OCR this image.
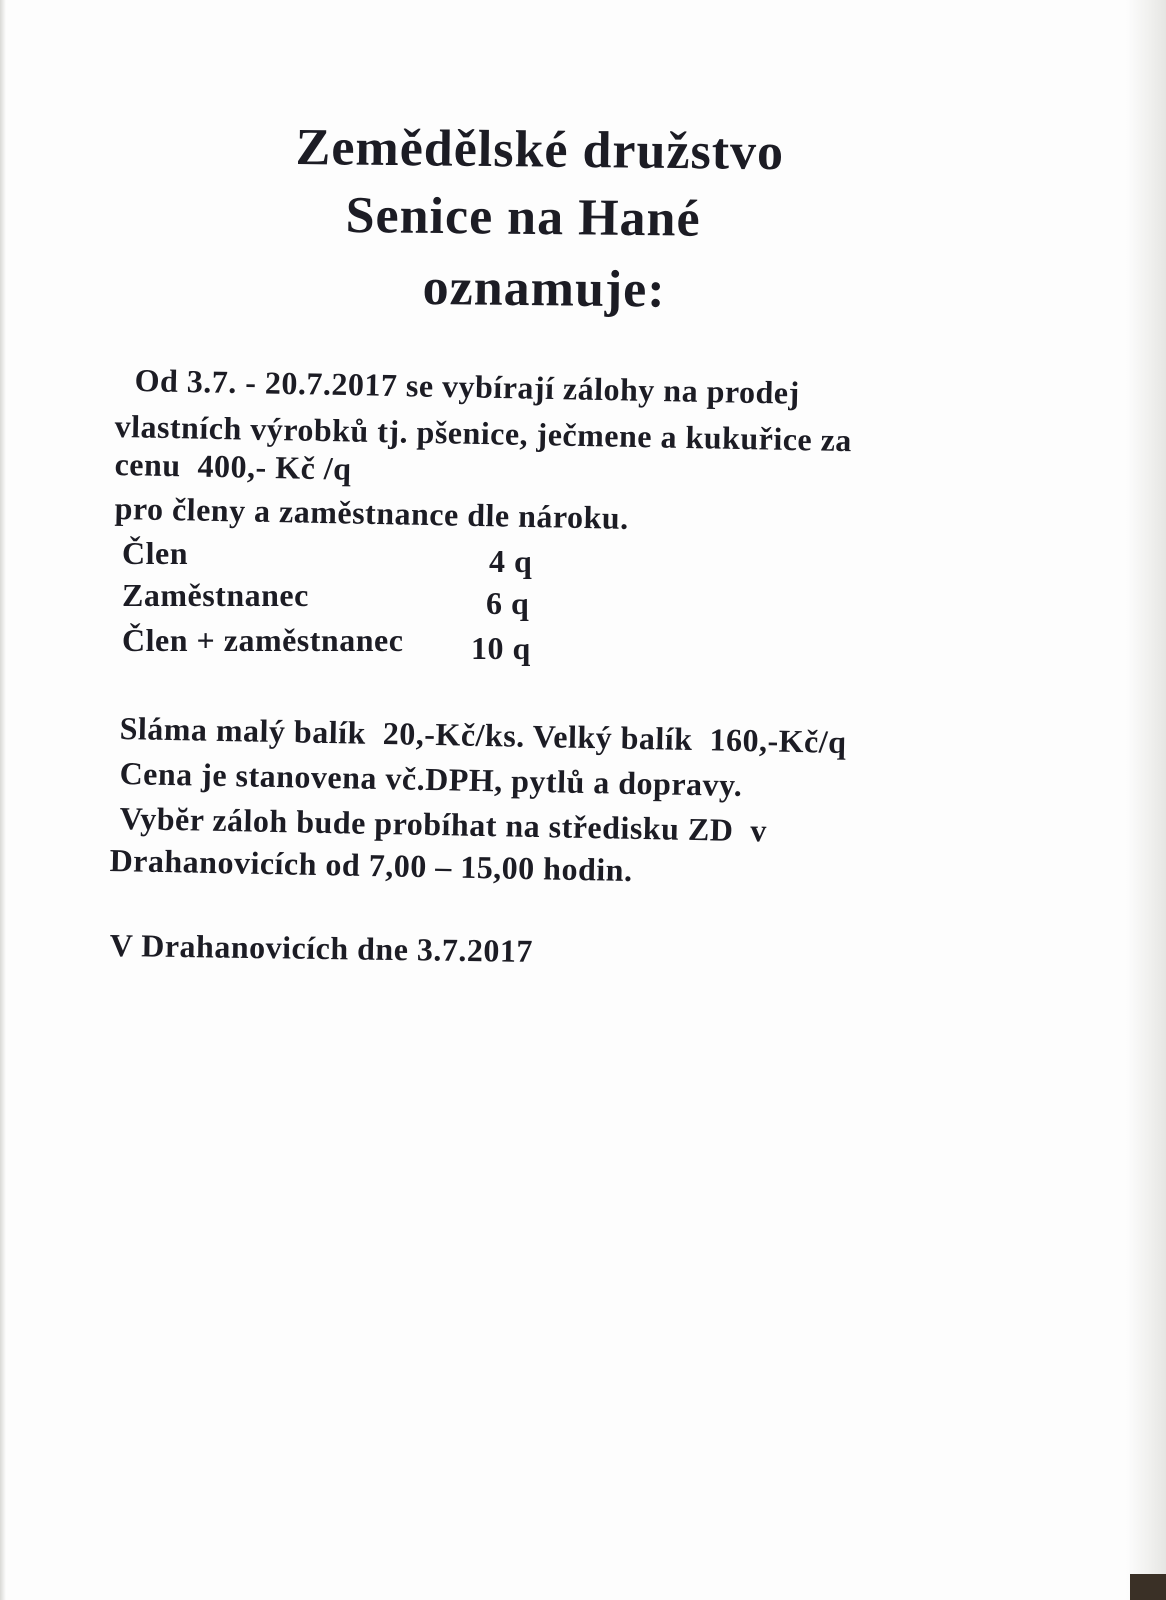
Zemědělské družstvo

Senice na Hané

oznamuje:

Od 3.7. - 20.7.2017 se vybírají zálohy na prodej

vlastních výrobků tj. pšenice, ječmene a kukuřice za

cenu  400,- Kč /q

pro členy a zaměstnance dle nároku.

Člen	4 q

Zaměstnanec	6 q

Člen + zaměstnanec 10 q

Sláma malý balík  20,-Kč/ks. Velký balík  160,-Kč/q

Cena je stanovena vč.DPH, pytlů a dopravy.

Vybĕr záloh bude probíhat na středisku ZD  v

Drahanovicích od 7,00 – 15,00 hodin.

V Drahanovicích dne 3.7.2017
